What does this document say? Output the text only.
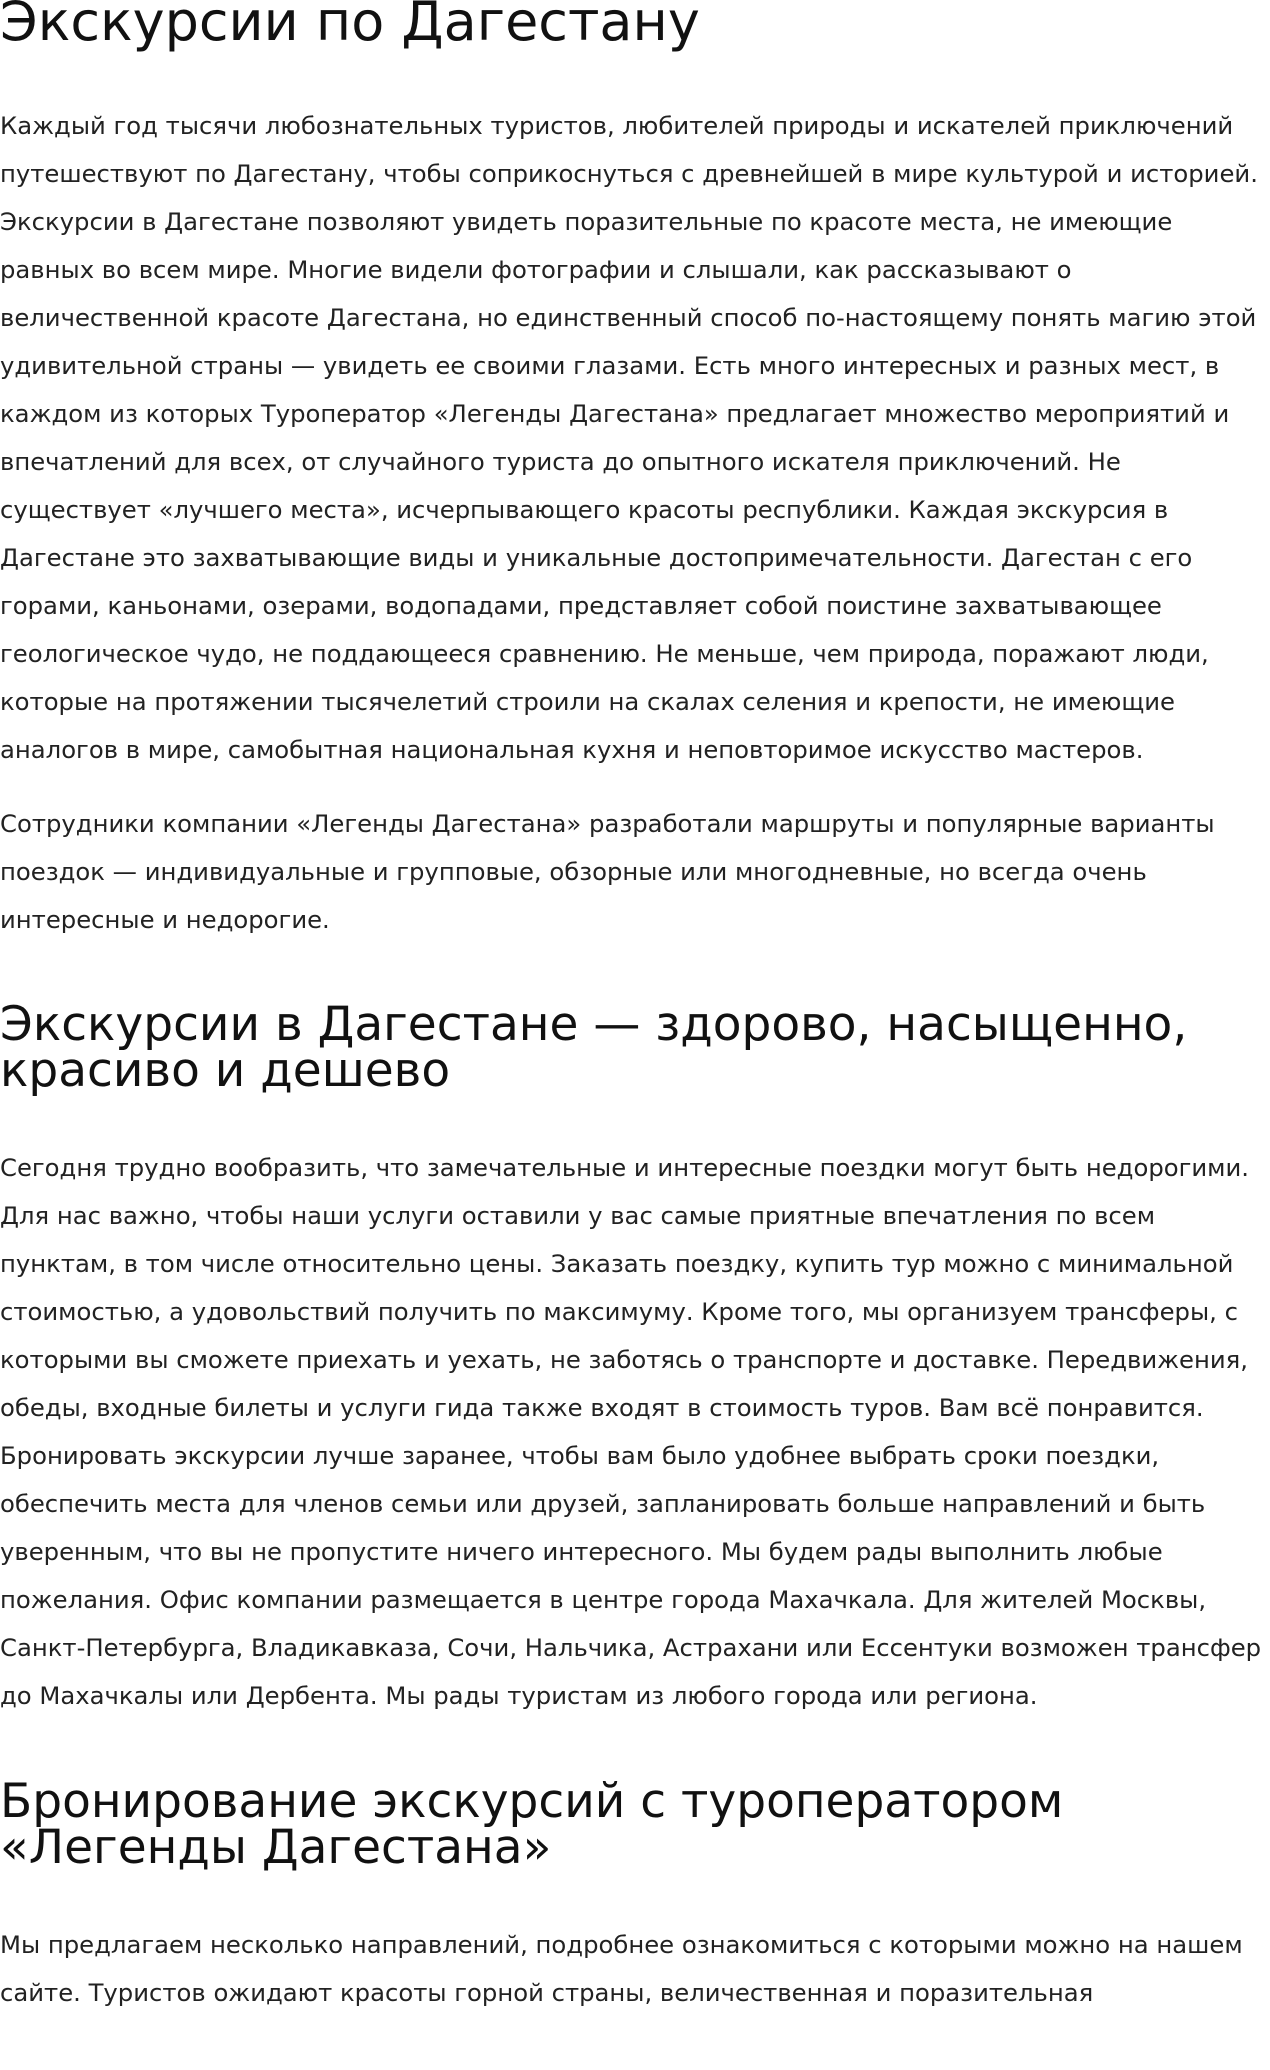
Экскурсии по Дагестану

Каждый год тысячи любознательных туристов, любителей природы и искателей приключений путешествуют по Дагестану, чтобы соприкоснуться с древнейшей в мире культурой и историей. Экскурсии в Дагестане позволяют увидеть поразительные по красоте места, не имеющие равных во всем мире. Многие видели фотографии и слышали, как рассказывают о величественной красоте Дагестана, но единственный способ по-настоящему понять магию этой удивительной страны — увидеть ее своими глазами. Есть много интересных и разных мест, в каждом из которых Туроператор «Легенды Дагестана» предлагает множество мероприятий и впечатлений для всех, от случайного туриста до опытного искателя приключений. Не существует «лучшего места», исчерпывающего красоты республики. Каждая экскурсия в Дагестане это захватывающие виды и уникальные достопримечательности. Дагестан с его горами, каньонами, озерами, водопадами, представляет собой поистине захватывающее геологическое чудо, не поддающееся сравнению. Не меньше, чем природа, поражают люди, которые на протяжении тысячелетий строили на скалах селения и крепости, не имеющие аналогов в мире, самобытная национальная кухня и неповторимое искусство мастеров.

Сотрудники компании «Легенды Дагестана» разработали маршруты и популярные варианты поездок — индивидуальные и групповые, обзорные или многодневные, но всегда очень интересные и недорогие.

Экскурсии в Дагестане — здорово, насыщенно, красиво и дешево

Сегодня трудно вообразить, что замечательные и интересные поездки могут быть недорогими. Для нас важно, чтобы наши услуги оставили у вас самые приятные впечатления по всем пунктам, в том числе относительно цены. Заказать поездку, купить тур можно с минимальной стоимостью, а удовольствий получить по максимуму. Кроме того, мы организуем трансферы, с которыми вы сможете приехать и уехать, не заботясь о транспорте и доставке. Передвижения, обеды, входные билеты и услуги гида также входят в стоимость туров. Вам всё понравится. Бронировать экскурсии лучше заранее, чтобы вам было удобнее выбрать сроки поездки, обеспечить места для членов семьи или друзей, запланировать больше направлений и быть уверенным, что вы не пропустите ничего интересного. Мы будем рады выполнить любые пожелания. Офис компании размещается в центре города Махачкала. Для жителей Москвы, Санкт-Петербурга, Владикавказа, Сочи, Нальчика, Астрахани или Ессентуки возможен трансфер до Махачкалы или Дербента. Мы рады туристам из любого города или региона.

Бронирование экскурсий с туроператором «Легенды Дагестана»

Мы предлагаем несколько направлений, подробнее ознакомиться с которыми можно на нашем сайте. Туристов ожидают красоты горной страны, величественная и поразительная
